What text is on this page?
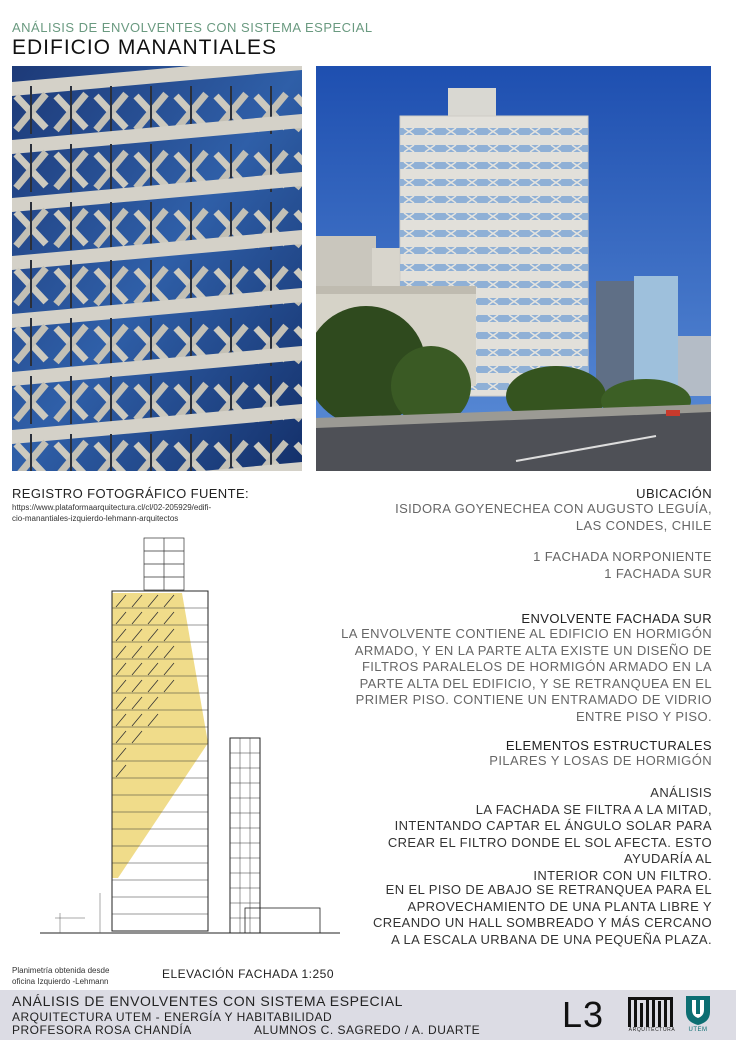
ANÁLISIS DE ENVOLVENTES CON SISTEMA ESPECIAL
EDIFICIO MANANTIALES
REGISTRO FOTOGRÁFICO FUENTE:
https://www.plataformaarquitectura.cl/cl/02-205929/edifi-
cio-manantiales-izquierdo-lehmann-arquitectos
UBICACIÓN
ISIDORA GOYENECHEA CON AUGUSTO LEGUÍA,
LAS CONDES, CHILE
1 FACHADA NORPONIENTE
1 FACHADA SUR
ENVOLVENTE FACHADA SUR
LA ENVOLVENTE CONTIENE AL EDIFICIO EN HORMIGÓN
ARMADO, Y EN LA PARTE ALTA EXISTE UN DISEÑO DE
FILTROS PARALELOS DE HORMIGÓN ARMADO EN LA
PARTE ALTA DEL EDIFICIO, Y SE RETRANQUEA EN EL
PRIMER PISO. CONTIENE UN ENTRAMADO DE VIDRIO
ENTRE PISO Y PISO.
ELEMENTOS ESTRUCTURALES
PILARES Y LOSAS DE HORMIGÓN
ANÁLISIS
LA FACHADA SE FILTRA A LA MITAD,
INTENTANDO CAPTAR EL ÁNGULO SOLAR PARA
CREAR EL FILTRO DONDE EL SOL AFECTA. ESTO
AYUDARÍA AL
INTERIOR CON UN FILTRO.
EN EL PISO DE ABAJO SE RETRANQUEA PARA EL
APROVECHAMIENTO DE UNA PLANTA LIBRE Y
CREANDO UN HALL SOMBREADO Y MÁS CERCANO
A LA ESCALA URBANA DE UNA PEQUEÑA PLAZA.
Planimetría obtenida desde
oficina Izquierdo -Lehmann
ELEVACIÓN FACHADA 1:250
ANÁLISIS DE ENVOLVENTES CON SISTEMA ESPECIAL
ARQUITECTURA UTEM - ENERGÍA Y HABITABILIDAD
PROFESORA ROSA CHANDÍA	ALUMNOS C. SAGREDO / A. DUARTE L3	ARQUITECTURA	UTEM
